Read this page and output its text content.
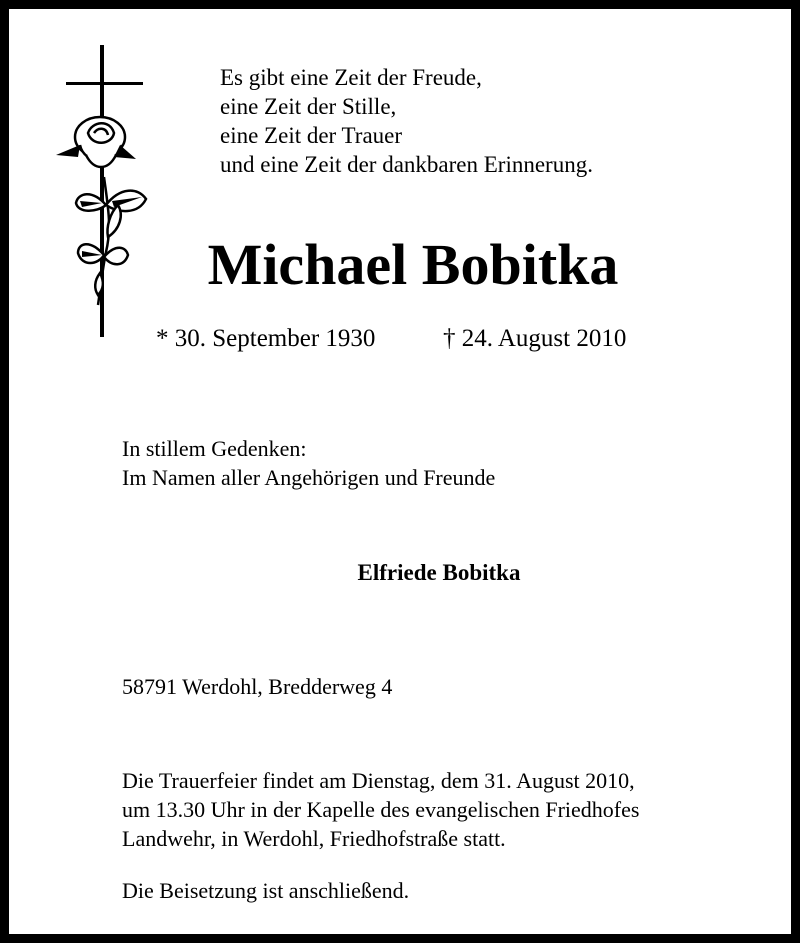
Es gibt eine Zeit der Freude,
eine Zeit der Stille,
eine Zeit der Trauer
und eine Zeit der dankbaren Erinnerung.
Michael Bobitka
* 30. September 1930	† 24. August 2010
In stillem Gedenken:
Im Namen aller Angehörigen und Freunde
Elfriede Bobitka
58791 Werdohl, Bredderweg 4
Die Trauerfeier findet am Dienstag, dem 31. August 2010,
um 13.30 Uhr in der Kapelle des evangelischen Friedhofes
Landwehr, in Werdohl, Friedhofstraße statt.
Die Beisetzung ist anschließend.
